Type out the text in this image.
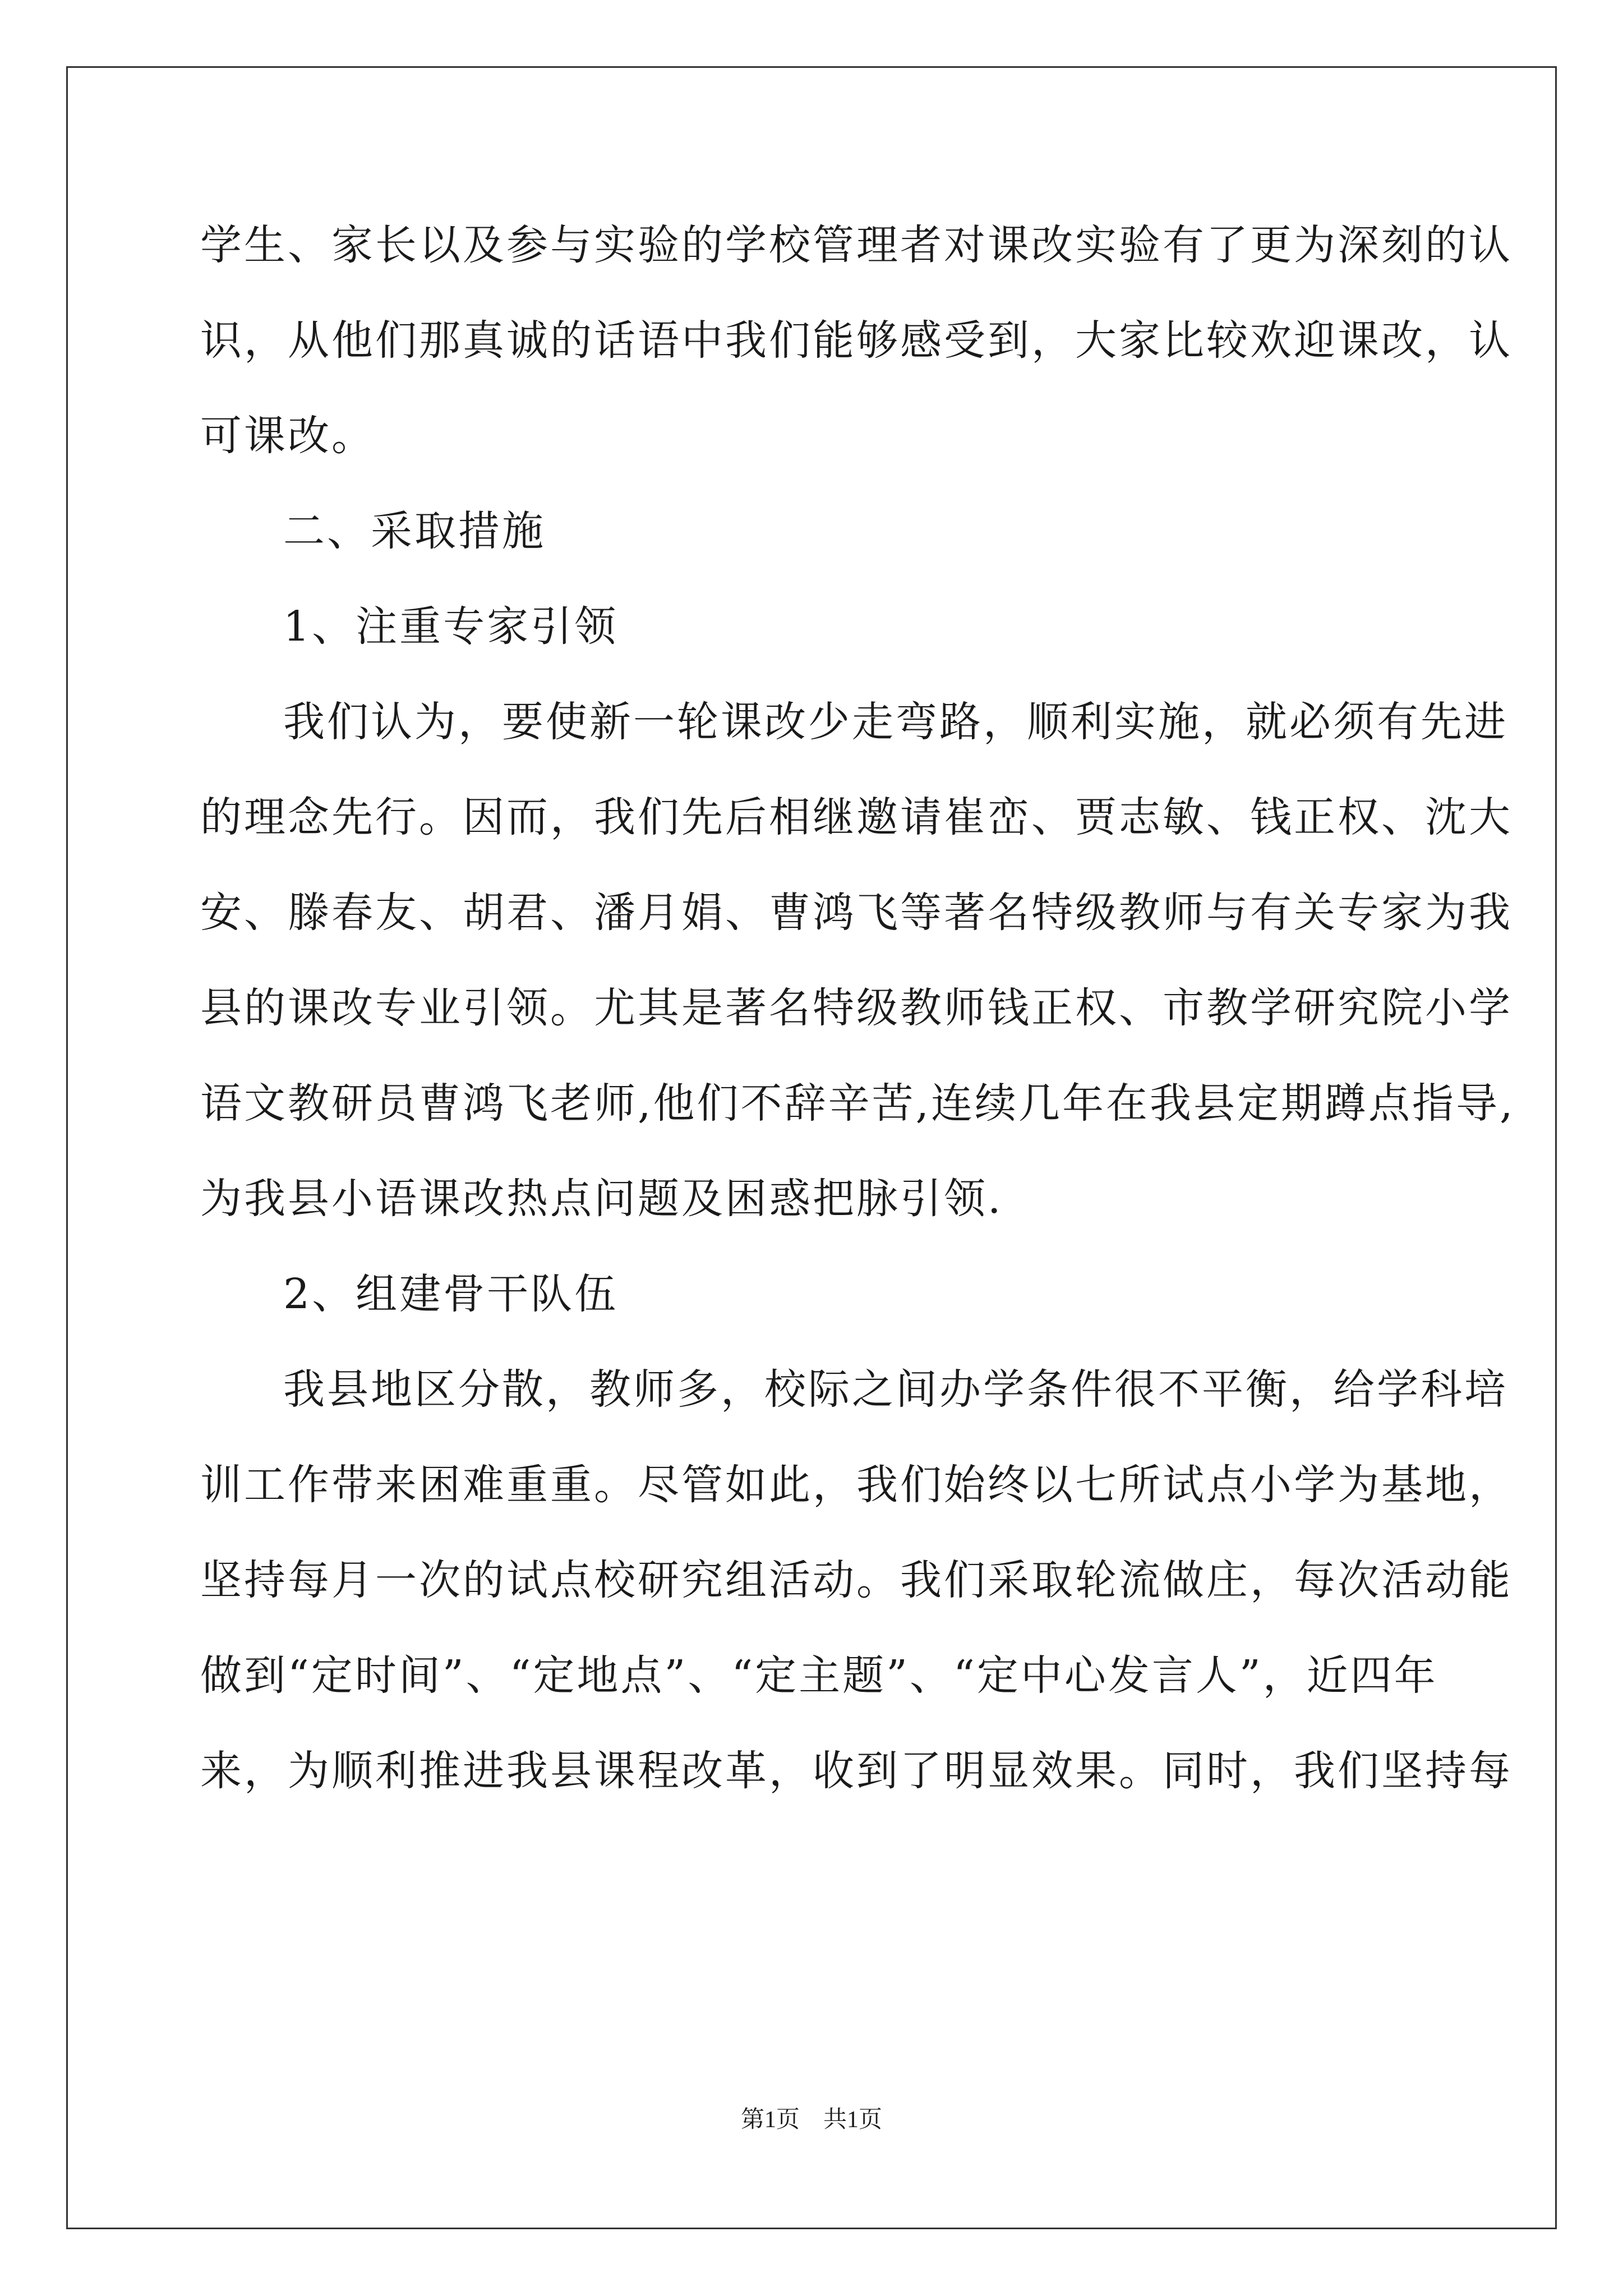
学生、家长以及参与实验的学校管理者对课改实验有了更为深刻的认
识，从他们那真诚的话语中我们能够感受到，大家比较欢迎课改，认
可课改。
二、采取措施
1、注重专家引领
我们认为，要使新一轮课改少走弯路，顺利实施，就必须有先进
的理念先行。因而，我们先后相继邀请崔峦、贾志敏、钱正权、沈大
安、滕春友、胡君、潘月娟、曹鸿飞等著名特级教师与有关专家为我
县的课改专业引领。尤其是著名特级教师钱正权、市教学研究院小学
语文教研员曹鸿飞老师,他们不辞辛苦,连续几年在我县定期蹲点指导,
为我县小语课改热点问题及困惑把脉引领.
2、组建骨干队伍
我县地区分散，教师多，校际之间办学条件很不平衡，给学科培
训工作带来困难重重。尽管如此，我们始终以七所试点小学为基地，
坚持每月一次的试点校研究组活动。我们采取轮流做庄，每次活动能
做到“定时间”、“定地点”、“定主题”、“定中心发言人”，近四年
来，为顺利推进我县课程改革，收到了明显效果。同时，我们坚持每
第1页　共1页
